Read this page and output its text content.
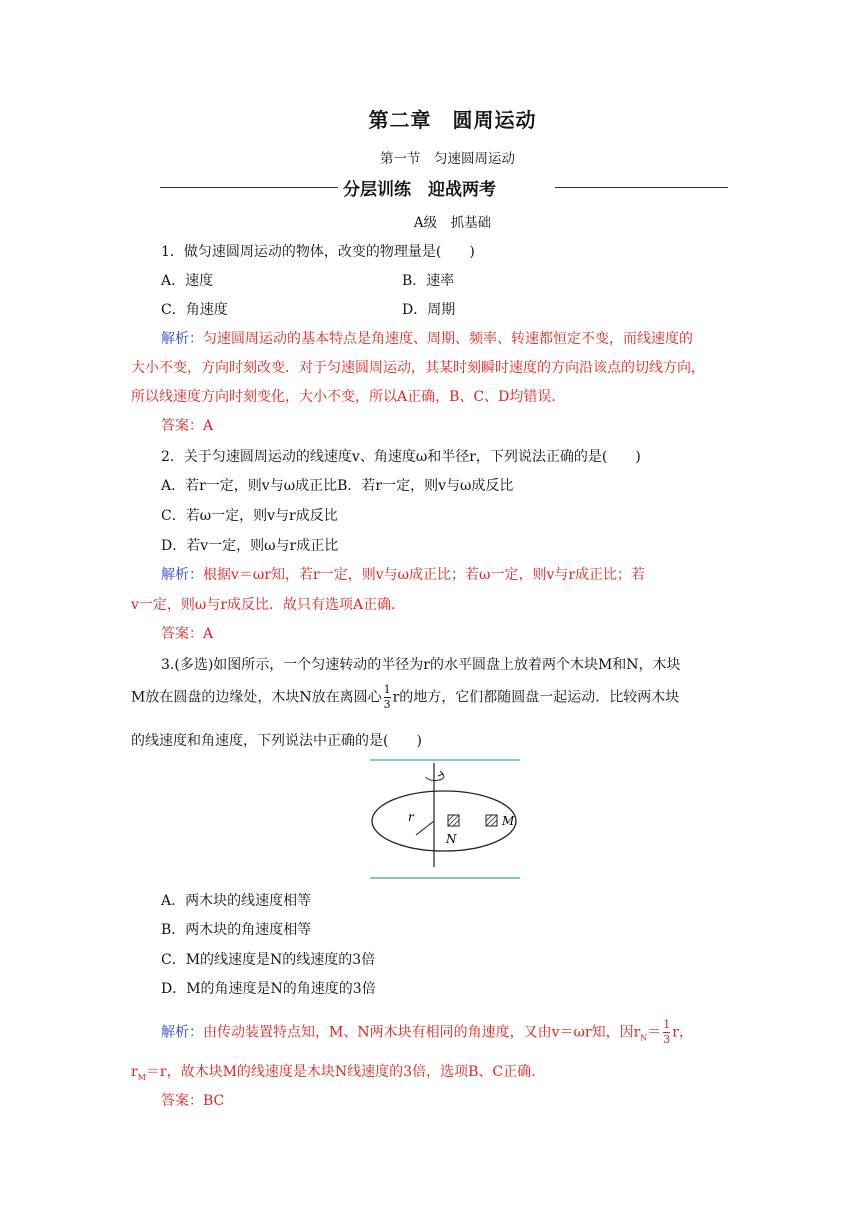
第二章　圆周运动
第一节　匀速圆周运动
分层训练　迎战两考
A级　抓基础
1．做匀速圆周运动的物体，改变的物理量是(　　)
A．速度	B．速率
C．角速度	D．周期
解析：匀速圆周运动的基本特点是角速度、周期、频率、转速都恒定不变，而线速度的
大小不变，方向时刻改变．对于匀速圆周运动，其某时刻瞬时速度的方向沿该点的切线方向，
所以线速度方向时刻变化，大小不变，所以A正确，B、C、D均错误．
答案：A
2．关于匀速圆周运动的线速度v、角速度ω和半径r，下列说法正确的是(　　)
A．若r一定，则v与ω成正比B．若r一定，则v与ω成反比
C．若ω一定，则v与r成反比
D．若v一定，则ω与r成正比
解析：根据v＝ωr知，若r一定，则v与ω成正比；若ω一定，则v与r成正比；若
v一定，则ω与r成反比．故只有选项A正确．
答案：A
3.(多选)如图所示，一个匀速转动的半径为r的水平圆盘上放着两个木块M和N，木块
M放在圆盘的边缘处，木块N放在离圆心 $\frac{1}{3}$ r的地方，它们都随圆盘一起运动．比较两木块
的线速度和角速度，下列说法中正确的是(　　)
r
N
M
A．两木块的线速度相等
B．两木块的角速度相等
C．M的线速度是N的线速度的3倍
D．M的角速度是N的角速度的3倍
解析：由传动装置特点知，M、N两木块有相同的角速度，又由v＝ωr知，因$r_N= \frac{1}{3}$ r，
$r_M=r$，故木块M的线速度是木块N线速度的3倍，选项B、C正确．
答案：BC
